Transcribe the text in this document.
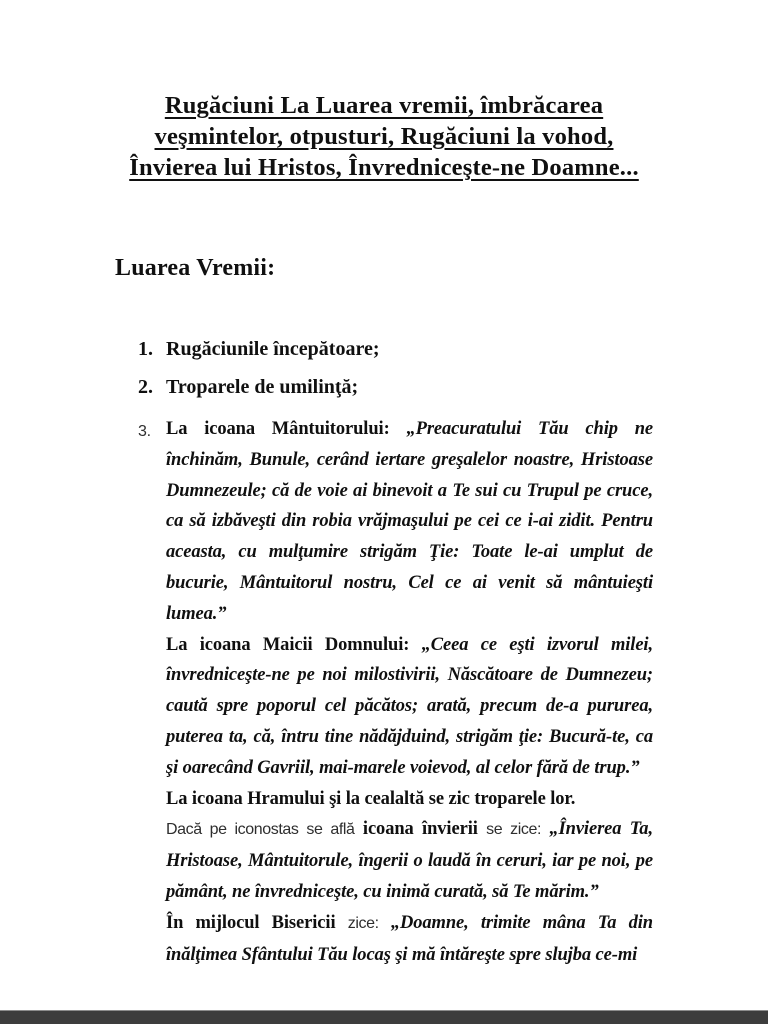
Rugăciuni La Luarea vremii, îmbrăcarea
veşmintelor, otpusturi, Rugăciuni la vohod,
Învierea lui Hristos, Învredniceşte-ne Doamne...
Luarea Vremii:
1. Rugăciunile începătoare;
2. Troparele de umilinţă;

3. La icoana Mântuitorului: „Preacuratului Tău chip ne închinăm, Bunule, cerând iertare greşalelor noastre, Hristoase Dumnezeule; că de voie ai binevoit a Te sui cu Trupul pe cruce, ca să izbăveşti din robia vrăjmaşului pe cei ce i-ai zidit. Pentru aceasta, cu mulţumire strigăm Ţie: Toate le-ai umplut de bucurie, Mântuitorul nostru, Cel ce ai venit să mântuieşti lumea.”

La icoana Maicii Domnului: „Ceea ce eşti izvorul milei, învredniceşte-ne pe noi milostivirii, Născătoare de Dumnezeu; caută spre poporul cel păcătos; arată, precum de-a pururea, puterea ta, că, întru tine nădăjduind, strigăm ţie: Bucură-te, ca şi oarecând Gavriil, mai-marele voievod, al celor fără de trup.”

La icoana Hramului şi la cealaltă se zic troparele lor.

Dacă pe iconostas se află icoana învierii se zice: „Învierea Ta, Hristoase, Mântuitorule, îngerii o laudă în ceruri, iar pe noi, pe pământ, ne învredniceşte, cu inimă curată, să Te mărim.”

În mijlocul Bisericii zice: „Doamne, trimite mâna Ta din înălţimea Sfântului Tău locaş şi mă întăreşte spre slujba ce-mi
